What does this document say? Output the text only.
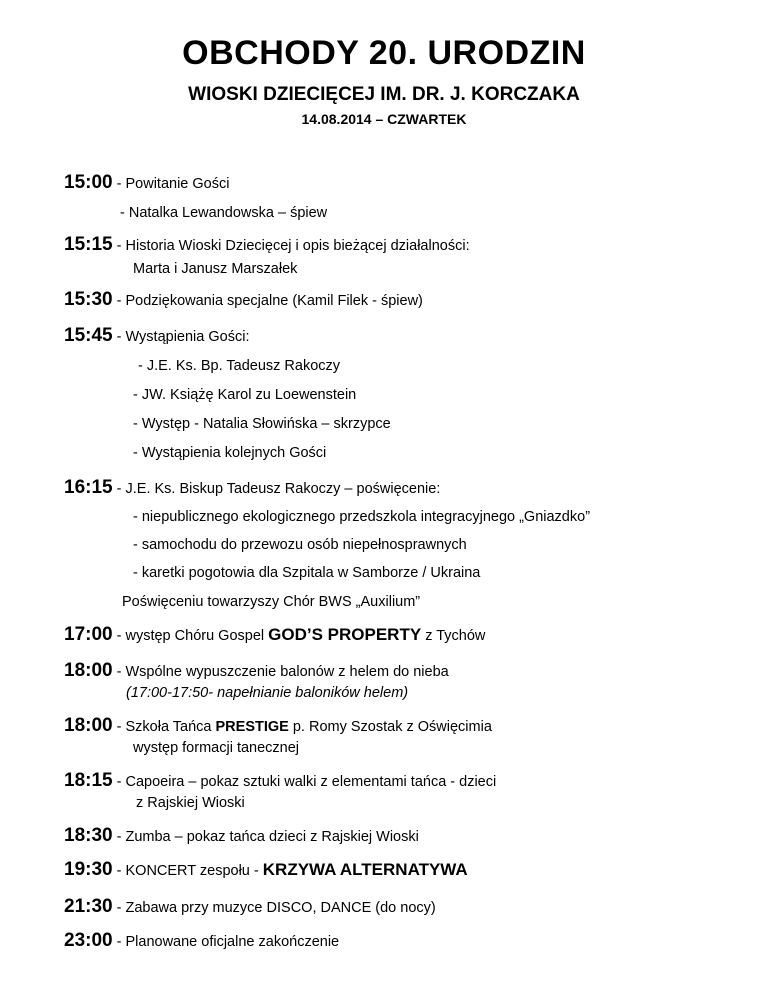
OBCHODY 20. URODZIN
WIOSKI DZIECIĘCEJ IM. DR. J. KORCZAKA
14.08.2014 – CZWARTEK
15:00 - Powitanie Gości
- Natalka Lewandowska – śpiew
15:15 - Historia Wioski Dziecięcej i opis bieżącej działalności:
Marta i Janusz Marszałek
15:30 - Podziękowania specjalne (Kamil Filek - śpiew)
15:45 - Wystąpienia Gości:
- J.E. Ks. Bp. Tadeusz Rakoczy
- JW. Książę Karol zu Loewenstein
- Występ - Natalia Słowińska – skrzypce
- Wystąpienia kolejnych Gości
16:15 - J.E. Ks. Biskup Tadeusz Rakoczy – poświęcenie:
- niepublicznego ekologicznego przedszkola integracyjnego „Gniazdko”
- samochodu do przewozu osób niepełnosprawnych
- karetki pogotowia dla Szpitala w Samborze / Ukraina
Poświęceniu towarzyszy Chór BWS „Auxilium”
17:00 - występ Chóru Gospel GOD’S PROPERTY z Tychów
18:00 - Wspólne wypuszczenie balonów z helem do nieba
(17:00-17:50- napełnianie baloników helem)
18:00 - Szkoła Tańca PRESTIGE p. Romy Szostak z Oświęcimia
występ formacji tanecznej
18:15 - Capoeira – pokaz sztuki walki z elementami tańca - dzieci
z Rajskiej Wioski
18:30 - Zumba – pokaz tańca dzieci z Rajskiej Wioski
19:30 - KONCERT zespołu - KRZYWA ALTERNATYWA
21:30 - Zabawa przy muzyce DISCO, DANCE (do nocy)
23:00 - Planowane oficjalne zakończenie
